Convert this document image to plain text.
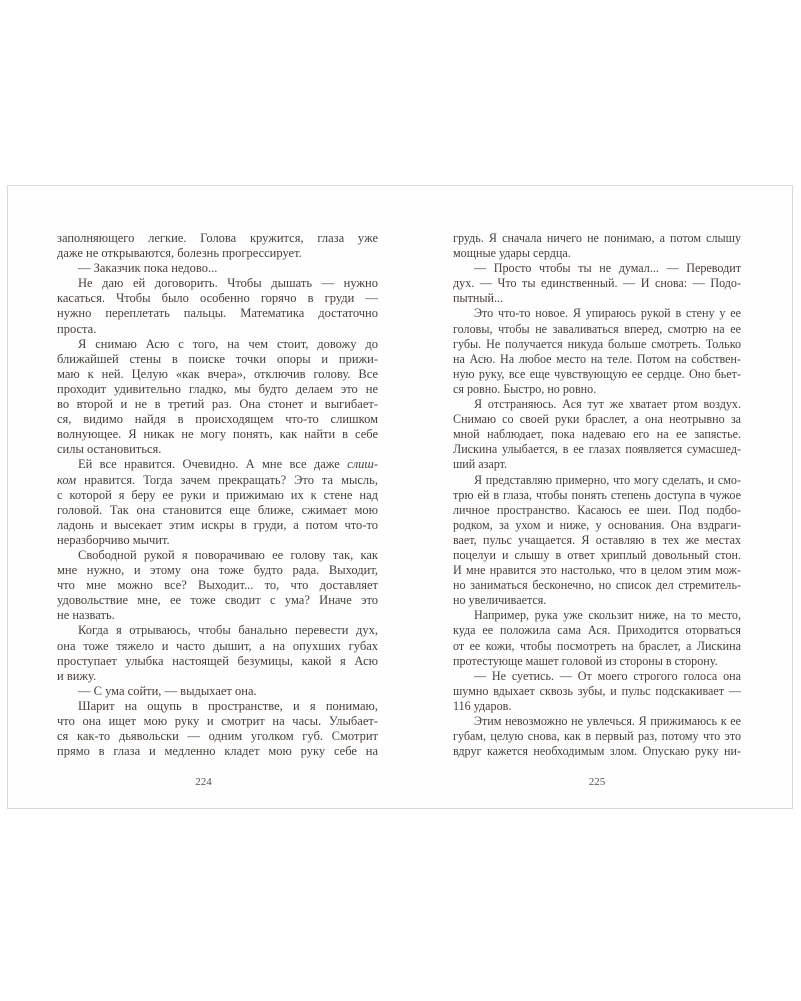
заполняющего легкие. Голова кружится, глаза уже
даже не открываются, болезнь прогрессирует.
— Заказчик пока недово...
Не даю ей договорить. Чтобы дышать — нужно
касаться. Чтобы было особенно горячо в груди —
нужно переплетать пальцы. Математика достаточно
проста.
Я снимаю Асю с того, на чем стоит, довожу до
ближайшей стены в поиске точки опоры и прижи-
маю к ней. Целую «как вчера», отключив голову. Все
проходит удивительно гладко, мы будто делаем это не
во второй и не в третий раз. Она стонет и выгибает-
ся, видимо найдя в происходящем что-то слишком
волнующее. Я никак не могу понять, как найти в себе
силы остановиться.
Ей все нравится. Очевидно. А мне все даже слиш-
ком нравится. Тогда зачем прекращать? Это та мысль,
с которой я беру ее руки и прижимаю их к стене над
головой. Так она становится еще ближе, сжимает мою
ладонь и высекает этим искры в груди, а потом что-то
неразборчиво мычит.
Свободной рукой я поворачиваю ее голову так, как
мне нужно, и этому она тоже будто рада. Выходит,
что мне можно все? Выходит... то, что доставляет
удовольствие мне, ее тоже сводит с ума? Иначе это
не назвать.
Когда я отрываюсь, чтобы банально перевести дух,
она тоже тяжело и часто дышит, а на опухших губах
проступает улыбка настоящей безумицы, какой я Асю
и вижу.
— С ума сойти, — выдыхает она.
Шарит на ощупь в пространстве, и я понимаю,
что она ищет мою руку и смотрит на часы. Улыбает-
ся как-то дьявольски — одним уголком губ. Смотрит
прямо в глаза и медленно кладет мою руку себе на
224
грудь. Я сначала ничего не понимаю, а потом слышу
мощные удары сердца.
— Просто чтобы ты не думал... — Переводит
дух. — Что ты единственный. — И снова: — Подо-
пытный...
Это что-то новое. Я упираюсь рукой в стену у ее
головы, чтобы не заваливаться вперед, смотрю на ее
губы. Не получается никуда больше смотреть. Только
на Асю. На любое место на теле. Потом на собствен-
ную руку, все еще чувствующую ее сердце. Оно бьет-
ся ровно. Быстро, но ровно.
Я отстраняюсь. Ася тут же хватает ртом воздух.
Снимаю со своей руки браслет, а она неотрывно за
мной наблюдает, пока надеваю его на ее запястье.
Лискина улыбается, в ее глазах появляется сумасшед-
ший азарт.
Я представляю примерно, что могу сделать, и смо-
трю ей в глаза, чтобы понять степень доступа в чужое
личное пространство. Касаюсь ее шеи. Под подбо-
родком, за ухом и ниже, у основания. Она вздраги-
вает, пульс учащается. Я оставляю в тех же местах
поцелуи и слышу в ответ хриплый довольный стон.
И мне нравится это настолько, что в целом этим мож-
но заниматься бесконечно, но список дел стремитель-
но увеличивается.
Например, рука уже скользит ниже, на то место,
куда ее положила сама Ася. Приходится оторваться
от ее кожи, чтобы посмотреть на браслет, а Лискина
протестующе машет головой из стороны в сторону.
— Не суетись. — От моего строгого голоса она
шумно вдыхает сквозь зубы, и пульс подскакивает —
116 ударов.
Этим невозможно не увлечься. Я прижимаюсь к ее
губам, целую снова, как в первый раз, потому что это
вдруг кажется необходимым злом. Опускаю руку ни-
225
